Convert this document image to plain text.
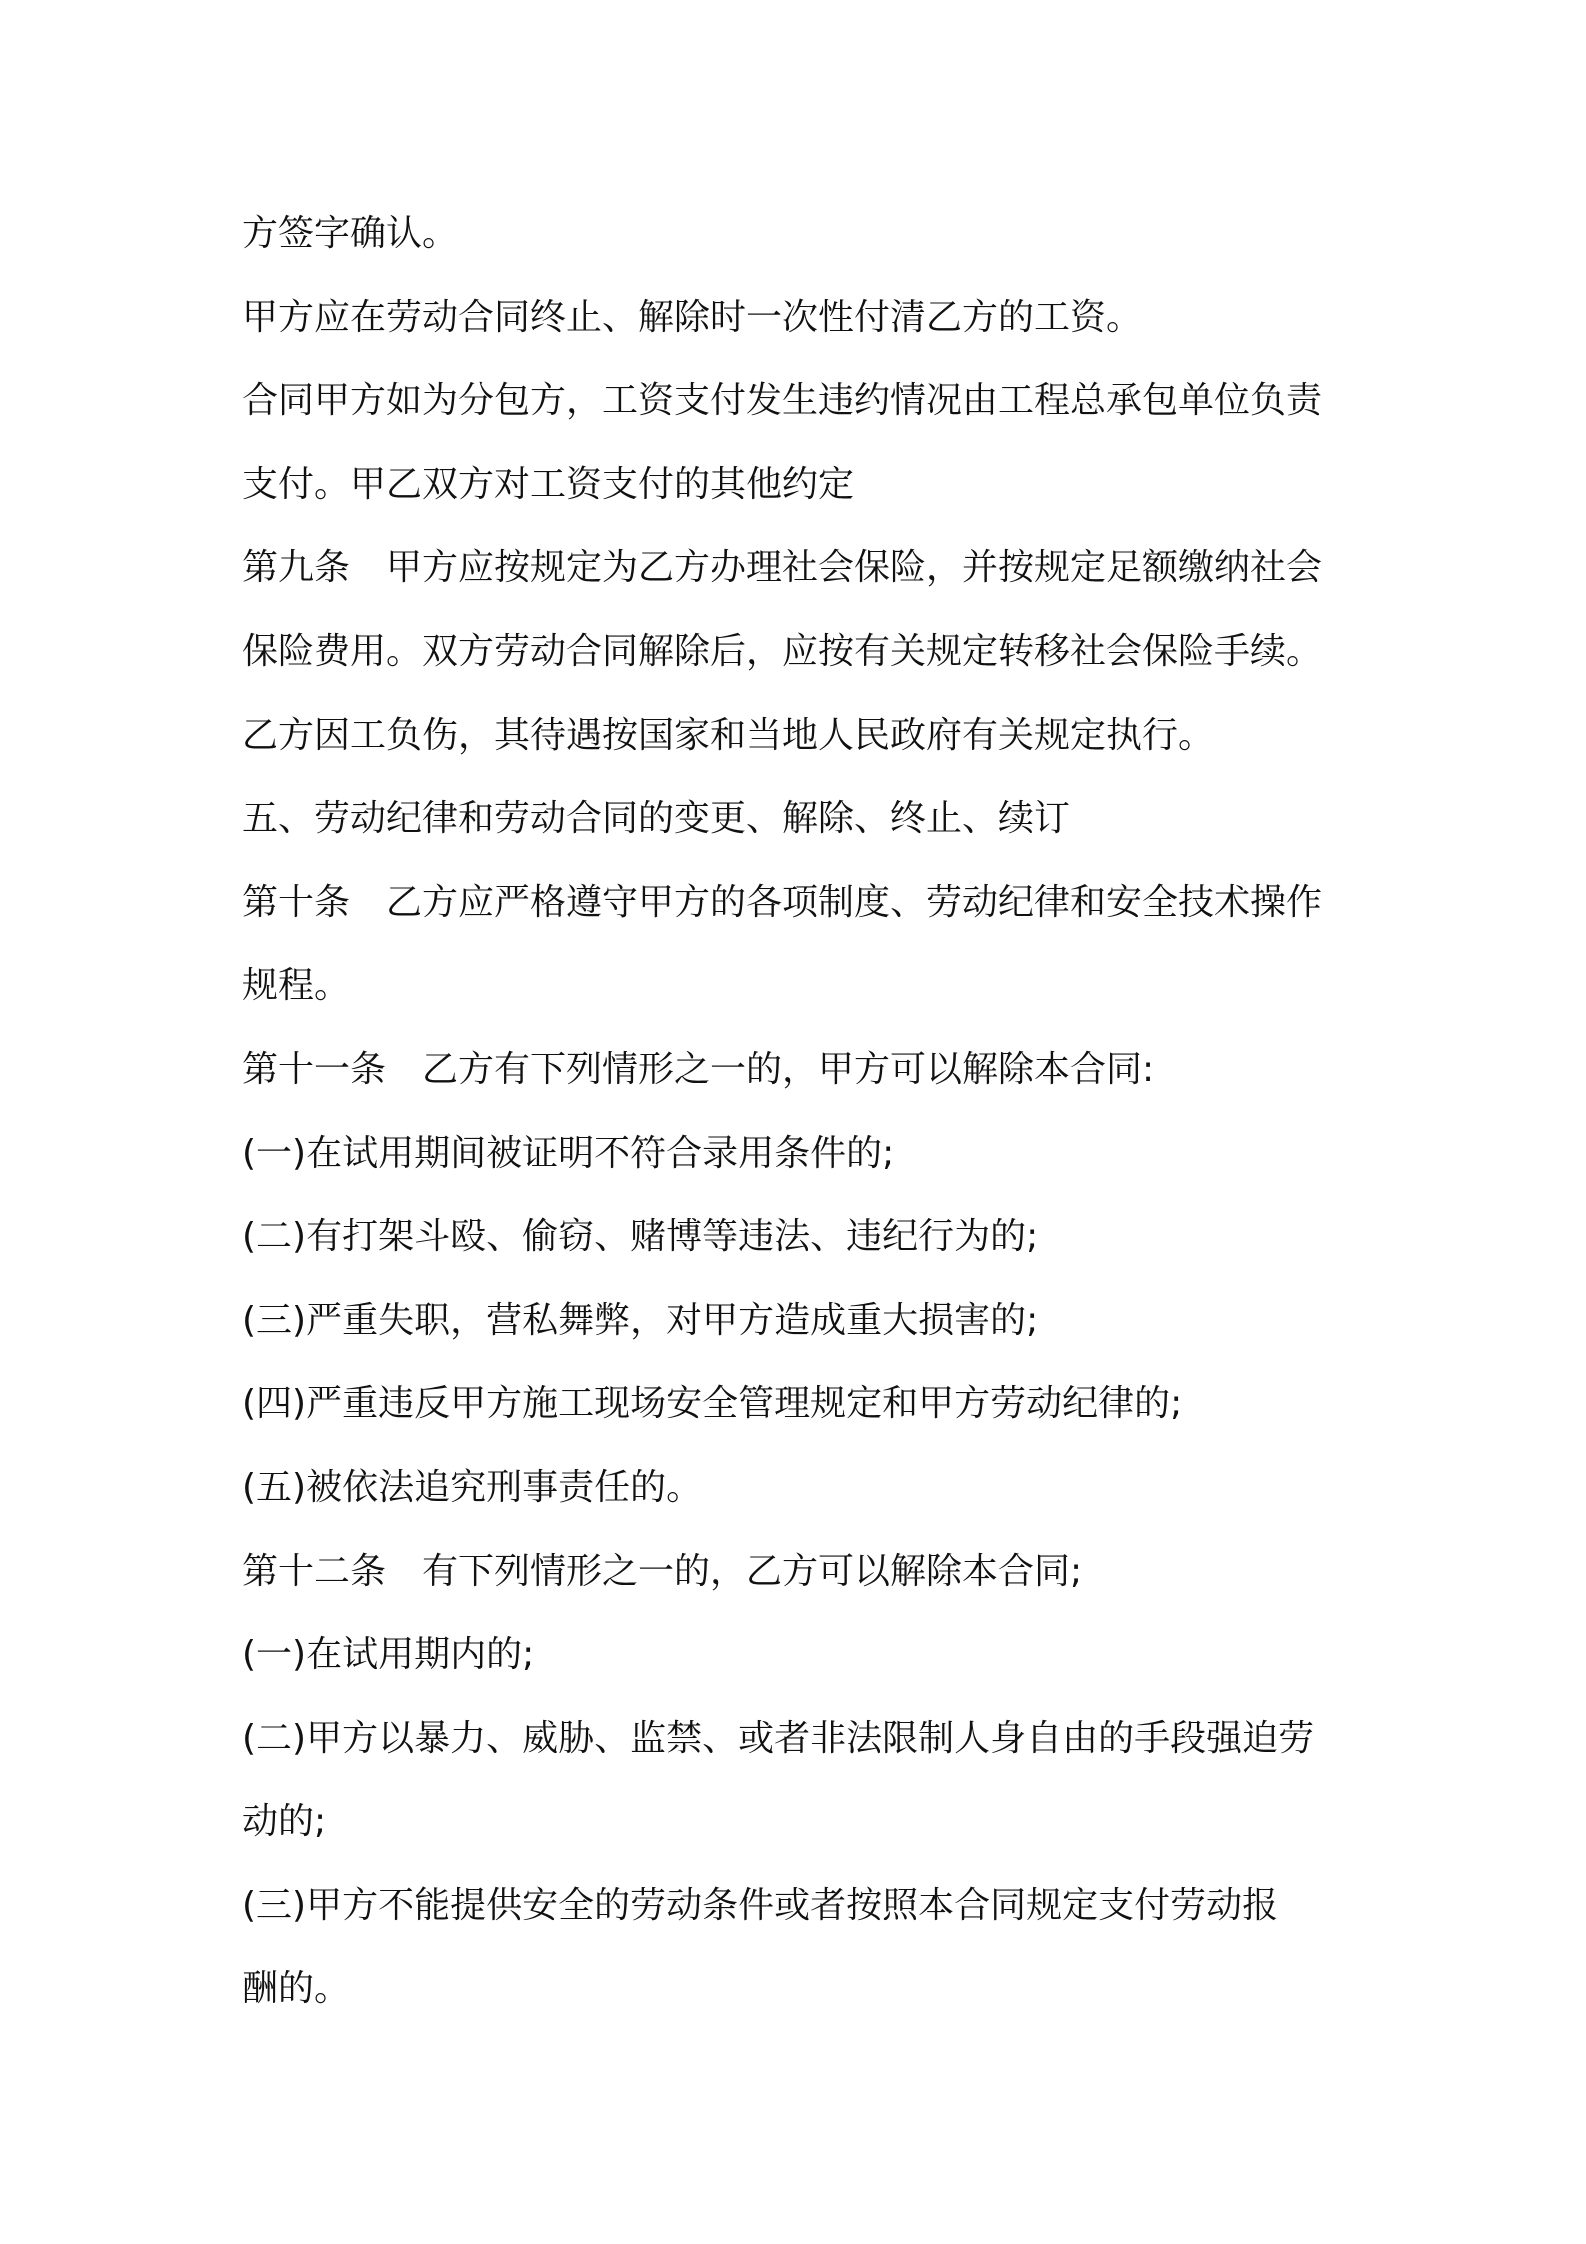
方签字确认。
甲方应在劳动合同终止、解除时一次性付清乙方的工资。
合同甲方如为分包方，工资支付发生违约情况由工程总承包单位负责
支付。甲乙双方对工资支付的其他约定
第九条　甲方应按规定为乙方办理社会保险，并按规定足额缴纳社会
保险费用。双方劳动合同解除后，应按有关规定转移社会保险手续。
乙方因工负伤，其待遇按国家和当地人民政府有关规定执行。
五、劳动纪律和劳动合同的变更、解除、终止、续订
第十条　乙方应严格遵守甲方的各项制度、劳动纪律和安全技术操作
规程。
第十一条　乙方有下列情形之一的，甲方可以解除本合同:
(一)在试用期间被证明不符合录用条件的;
(二)有打架斗殴、偷窃、赌博等违法、违纪行为的;
(三)严重失职，营私舞弊，对甲方造成重大损害的;
(四)严重违反甲方施工现场安全管理规定和甲方劳动纪律的;
(五)被依法追究刑事责任的。
第十二条　有下列情形之一的，乙方可以解除本合同;
(一)在试用期内的;
(二)甲方以暴力、威胁、监禁、或者非法限制人身自由的手段强迫劳
动的;
(三)甲方不能提供安全的劳动条件或者按照本合同规定支付劳动报
酬的。
